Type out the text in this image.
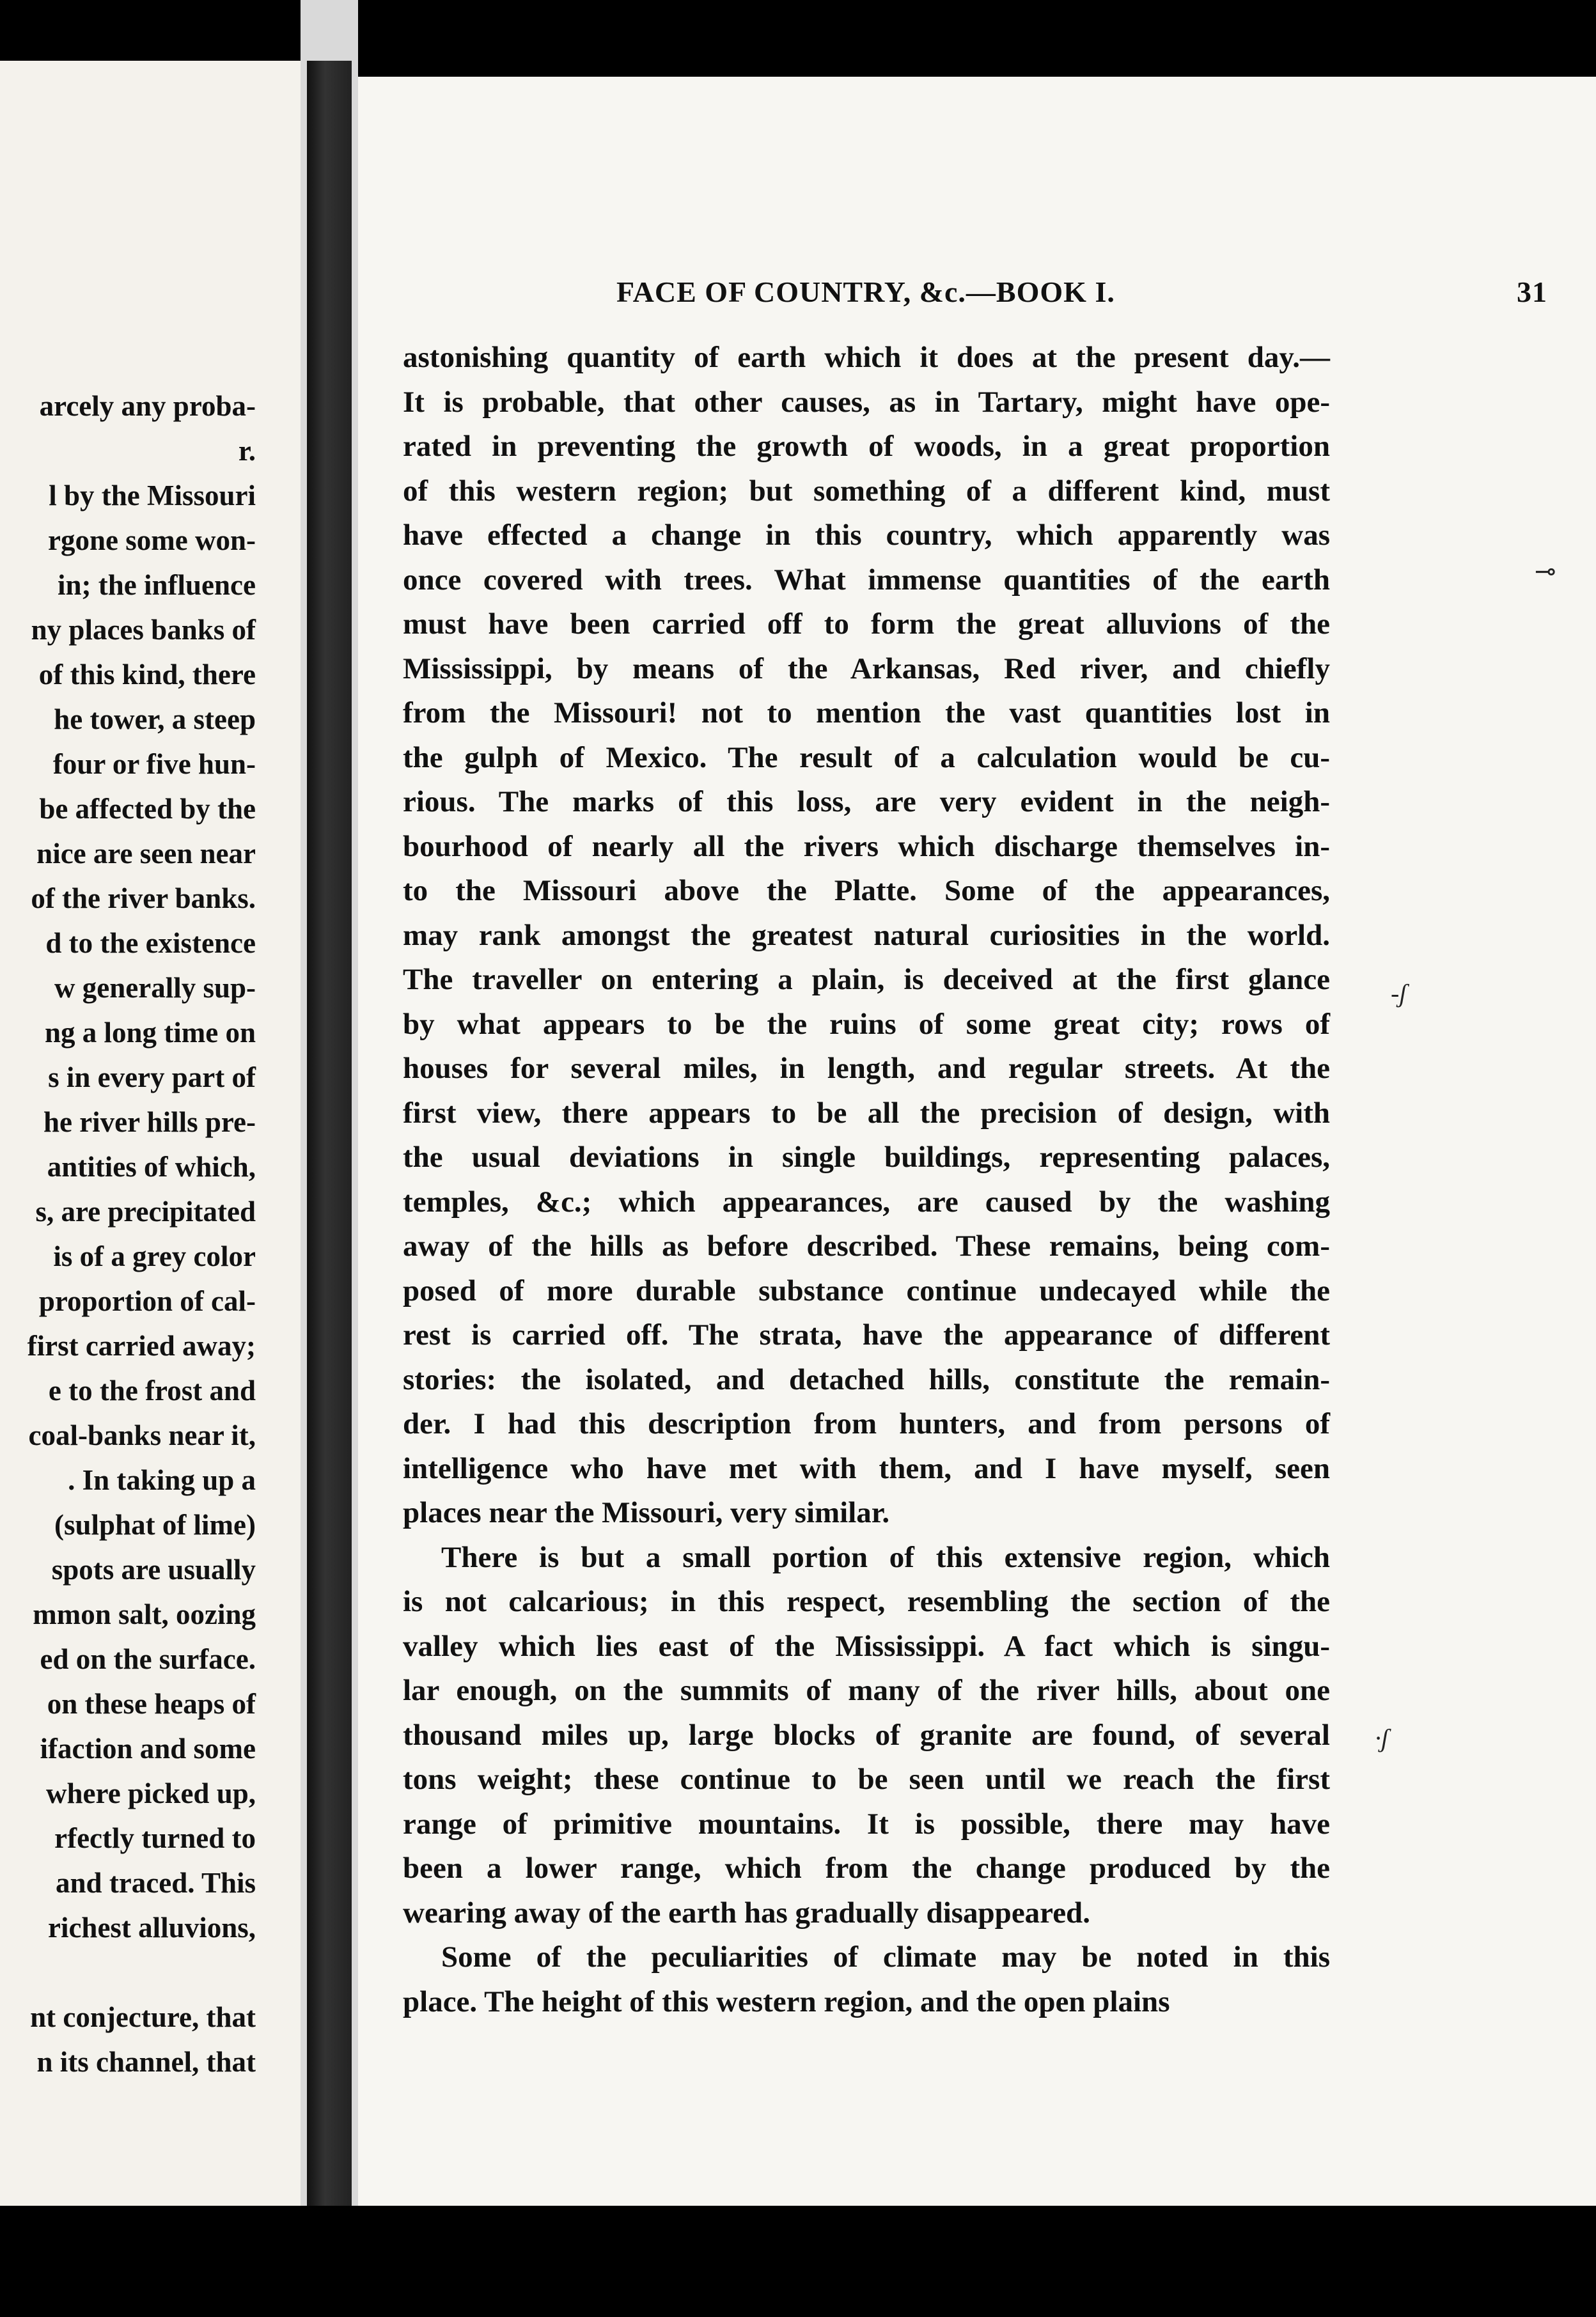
arcely any proba-
r.
l by the Missouri
rgone some won-
in; the influence
ny places banks of
of this kind, there
he tower, a steep
four or five hun-
be affected by the
nice are seen near
of the river banks.
d to the existence
w generally sup-
ng a long time on
s in every part of
he river hills pre-
antities of which,
s, are precipitated
is of a grey color
proportion of cal-
first carried away;
e to the frost and
coal-banks near it,
. In taking up a
(sulphat of lime)
spots are usually
mmon salt, oozing
ed on the surface.
on these heaps of
ifaction and some
where picked up,
rfectly turned to
and traced. This
richest alluvions,
nt conjecture, that
n its channel, that
FACE OF COUNTRY, &c.—BOOK I.	31
astonishing quantity of earth which it does at the present day.—
It is probable, that other causes, as in Tartary, might have ope-
rated in preventing the growth of woods, in a great proportion
of this western region; but something of a different kind, must
have effected a change in this country, which apparently was
once covered with trees. What immense quantities of the earth
must have been carried off to form the great alluvions of the
Mississippi, by means of the Arkansas, Red river, and chiefly
from the Missouri! not to mention the vast quantities lost in
the gulph of Mexico. The result of a calculation would be cu-
rious. The marks of this loss, are very evident in the neigh-
bourhood of nearly all the rivers which discharge themselves in-
to the Missouri above the Platte. Some of the appearances,
may rank amongst the greatest natural curiosities in the world.
The traveller on entering a plain, is deceived at the first glance
by what appears to be the ruins of some great city; rows of
houses for several miles, in length, and regular streets. At the
first view, there appears to be all the precision of design, with
the usual deviations in single buildings, representing palaces,
temples, &c.; which appearances, are caused by the washing
away of the hills as before described. These remains, being com-
posed of more durable substance continue undecayed while the
rest is carried off. The strata, have the appearance of different
stories: the isolated, and detached hills, constitute the remain-
der. I had this description from hunters, and from persons of
intelligence who have met with them, and I have myself, seen
places near the Missouri, very similar.
There is but a small portion of this extensive region, which
is not calcarious; in this respect, resembling the section of the
valley which lies east of the Mississippi. A fact which is singu-
lar enough, on the summits of many of the river hills, about one
thousand miles up, large blocks of granite are found, of several
tons weight; these continue to be seen until we reach the first
range of primitive mountains. It is possible, there may have
been a lower range, which from the change produced by the
wearing away of the earth has gradually disappeared.
Some of the peculiarities of climate may be noted in this
place. The height of this western region, and the open plains
-ʃ
·ʃ
⊸
